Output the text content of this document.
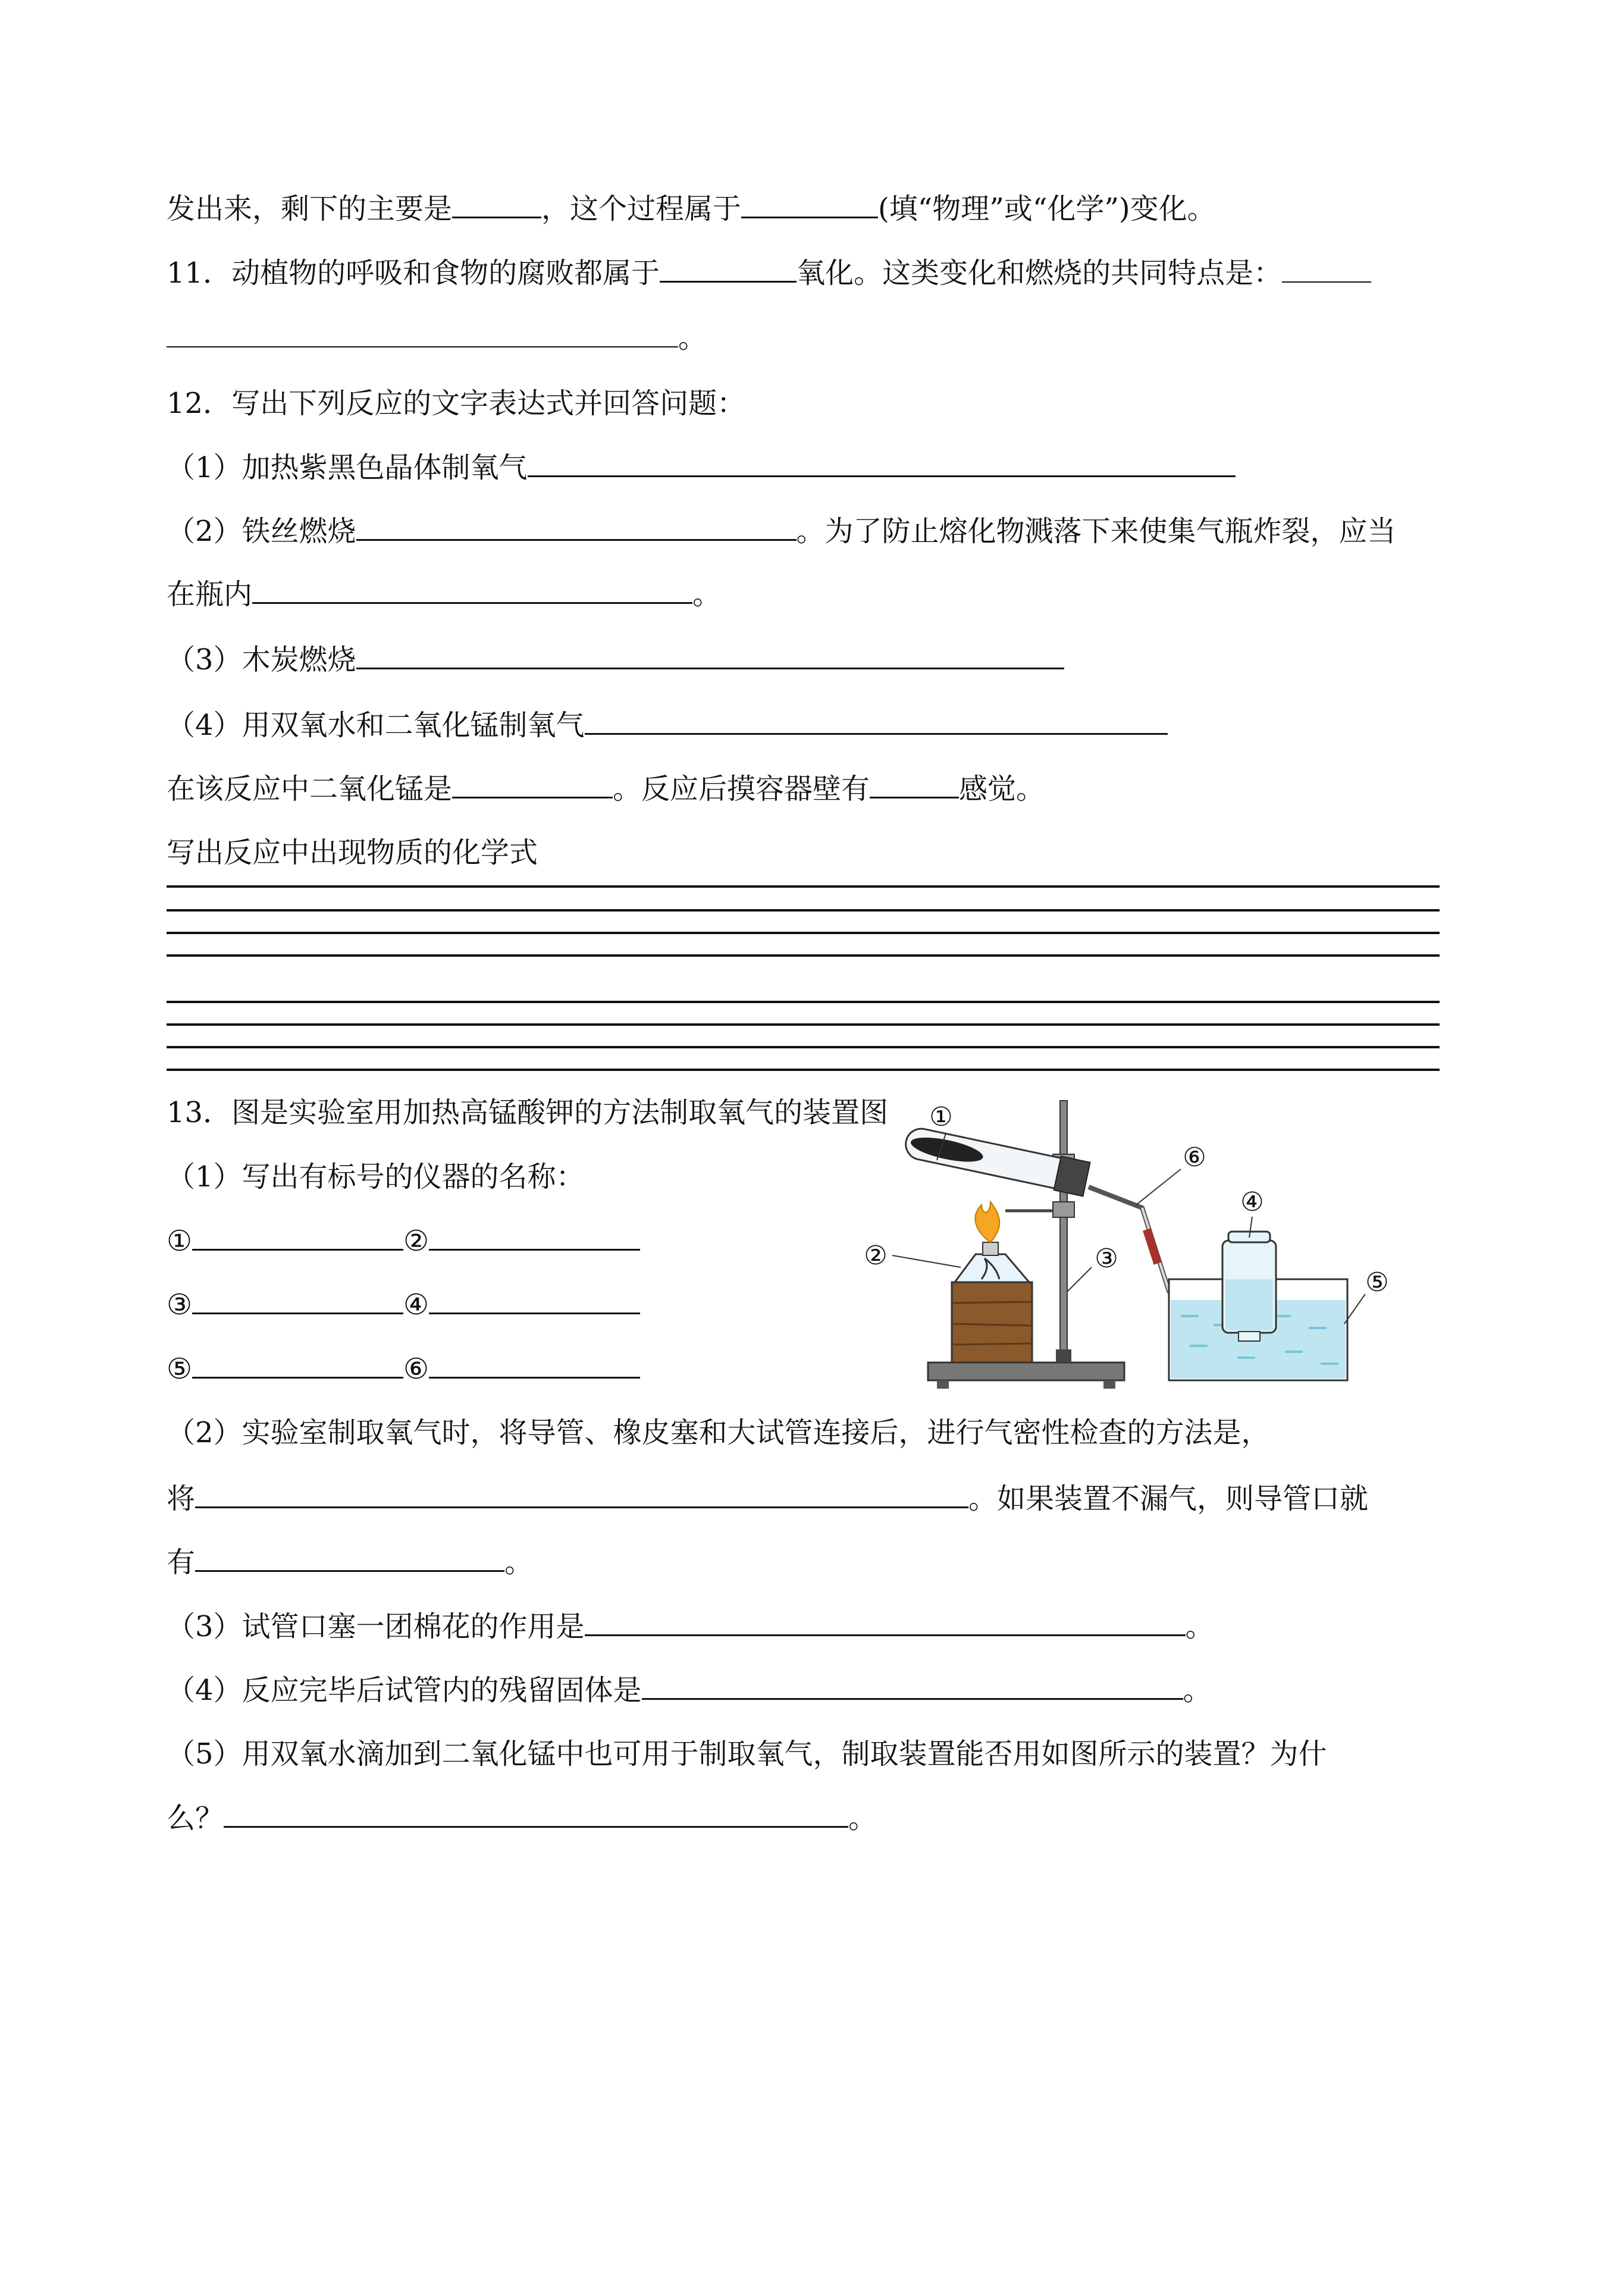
发出来，剩下的主要是	，这个过程属于	(填“物理”或“化学”)变化。
11．动植物的呼吸和食物的腐败都属于	氧化。这类变化和燃烧的共同特点是：
。
12．写出下列反应的文字表达式并回答问题：
（1）加热紫黑色晶体制氧气
（2）铁丝燃烧	。为了防止熔化物溅落下来使集气瓶炸裂，应当
在瓶内	。
（3）木炭燃烧
（4）用双氧水和二氧化锰制氧气
在该反应中二氧化锰是	。反应后摸容器壁有	感觉。
写出反应中出现物质的化学式
13．图是实验室用加热高锰酸钾的方法制取氧气的装置图
（1）写出有标号的仪器的名称：
①	②
③	④
⑤	⑥
①
②	③
④
⑤
⑥
（2）实验室制取氧气时，将导管、橡皮塞和大试管连接后，进行气密性检查的方法是，
将	。如果装置不漏气，则导管口就
有	。
（3）试管口塞一团棉花的作用是	。
（4）反应完毕后试管内的残留固体是	。
（5）用双氧水滴加到二氧化锰中也可用于制取氧气，制取装置能否用如图所示的装置？为什
么？	。
